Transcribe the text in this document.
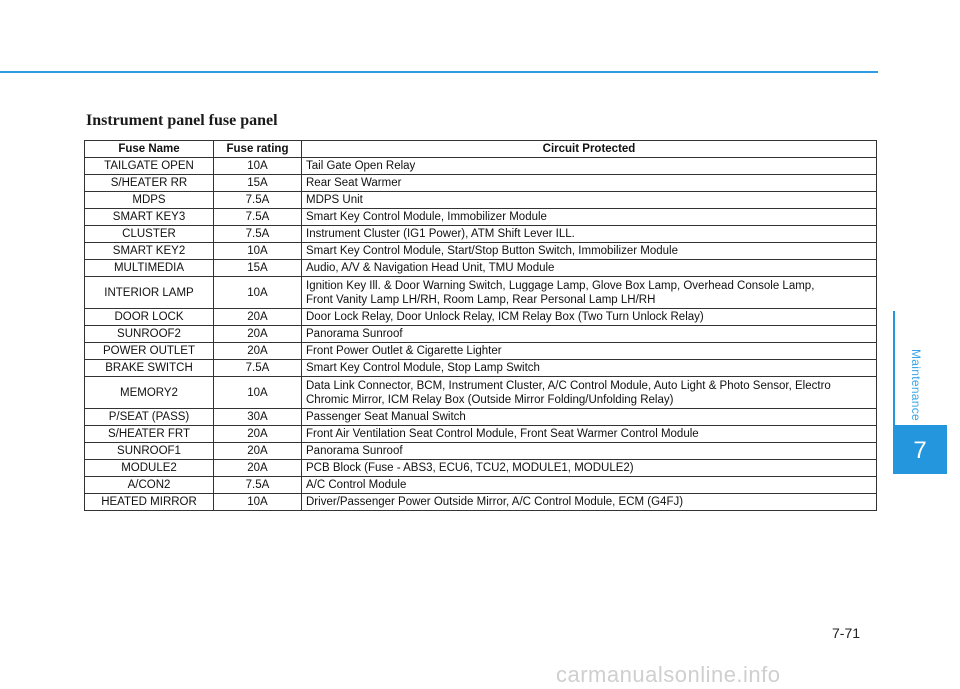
Instrument panel fuse panel
Fuse Name	Fuse rating	Circuit Protected
TAILGATE OPEN	10A	Tail Gate Open Relay

S/HEATER RR	15A	Rear Seat Warmer

MDPS	7.5A	MDPS Unit

SMART KEY3	7.5A	Smart Key Control Module, Immobilizer Module

CLUSTER	7.5A	Instrument Cluster (IG1 Power), ATM Shift Lever ILL.

SMART KEY2	10A	Smart Key Control Module, Start/Stop Button Switch, Immobilizer Module

MULTIMEDIA	15A	Audio, A/V & Navigation Head Unit, TMU Module

INTERIOR LAMP	10A	Ignition Key Ill. & Door Warning Switch, Luggage Lamp, Glove Box Lamp, Overhead Console Lamp,
Front Vanity Lamp LH/RH, Room Lamp, Rear Personal Lamp LH/RH

DOOR LOCK	20A	Door Lock Relay, Door Unlock Relay, ICM Relay Box (Two Turn Unlock Relay)

SUNROOF2	20A	Panorama Sunroof

POWER OUTLET	20A	Front Power Outlet & Cigarette Lighter

BRAKE SWITCH	7.5A	Smart Key Control Module, Stop Lamp Switch

MEMORY2	10A	Data Link Connector, BCM, Instrument Cluster, A/C Control Module, Auto Light & Photo Sensor, Electro
Chromic Mirror, ICM Relay Box (Outside Mirror Folding/Unfolding Relay)

P/SEAT (PASS)	30A	Passenger Seat Manual Switch

S/HEATER FRT	20A	Front Air Ventilation Seat Control Module, Front Seat Warmer Control Module

SUNROOF1	20A	Panorama Sunroof

MODULE2	20A	PCB Block (Fuse - ABS3, ECU6, TCU2, MODULE1, MODULE2)

A/CON2	7.5A	A/C Control Module

HEATED MIRROR	10A	Driver/Passenger Power Outside Mirror, A/C Control Module, ECM (G4FJ)
Maintenance
7
7-71
carmanualsonline.info
